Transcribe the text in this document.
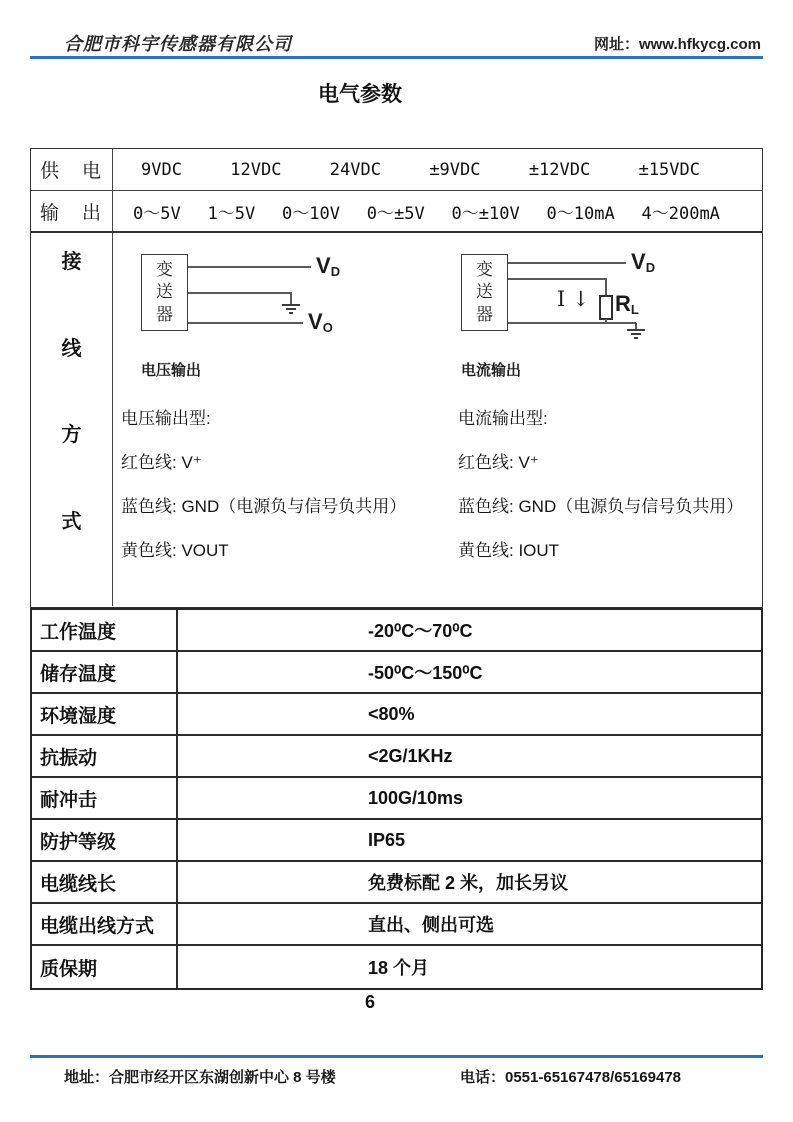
合肥市科宇传感器有限公司	网址：www.hfkycg.com
电气参数
供　电	9VDC	12VDC	24VDC	±9VDC	±12VDC	±15VDC
输　出	0～5V 1～5V 0～10V 0～±5V 0～±10V 0～10mA 4～200mA
接
线
方
式
变送器
VD
VO
电压输出
变送器
VD
I ↓ RL
电流输出
电压输出型:
红色线: V⁺
蓝色线: GND（电源负与信号负共用）
黄色线: VOUT
电流输出型:
红色线: V⁺
蓝色线: GND（电源负与信号负共用）
黄色线: IOUT
工作温度	-20⁰C～70⁰C
储存温度	-50⁰C～150⁰C
环境湿度	<80%
抗振动	<2G/1KHz
耐冲击	100G/10ms
防护等级	IP65
电缆线长	免费标配 2 米，加长另议
电缆出线方式	直出、侧出可选
质保期	18 个月
6
地址：合肥市经开区东湖创新中心 8 号楼	电话：0551-65167478/65169478
